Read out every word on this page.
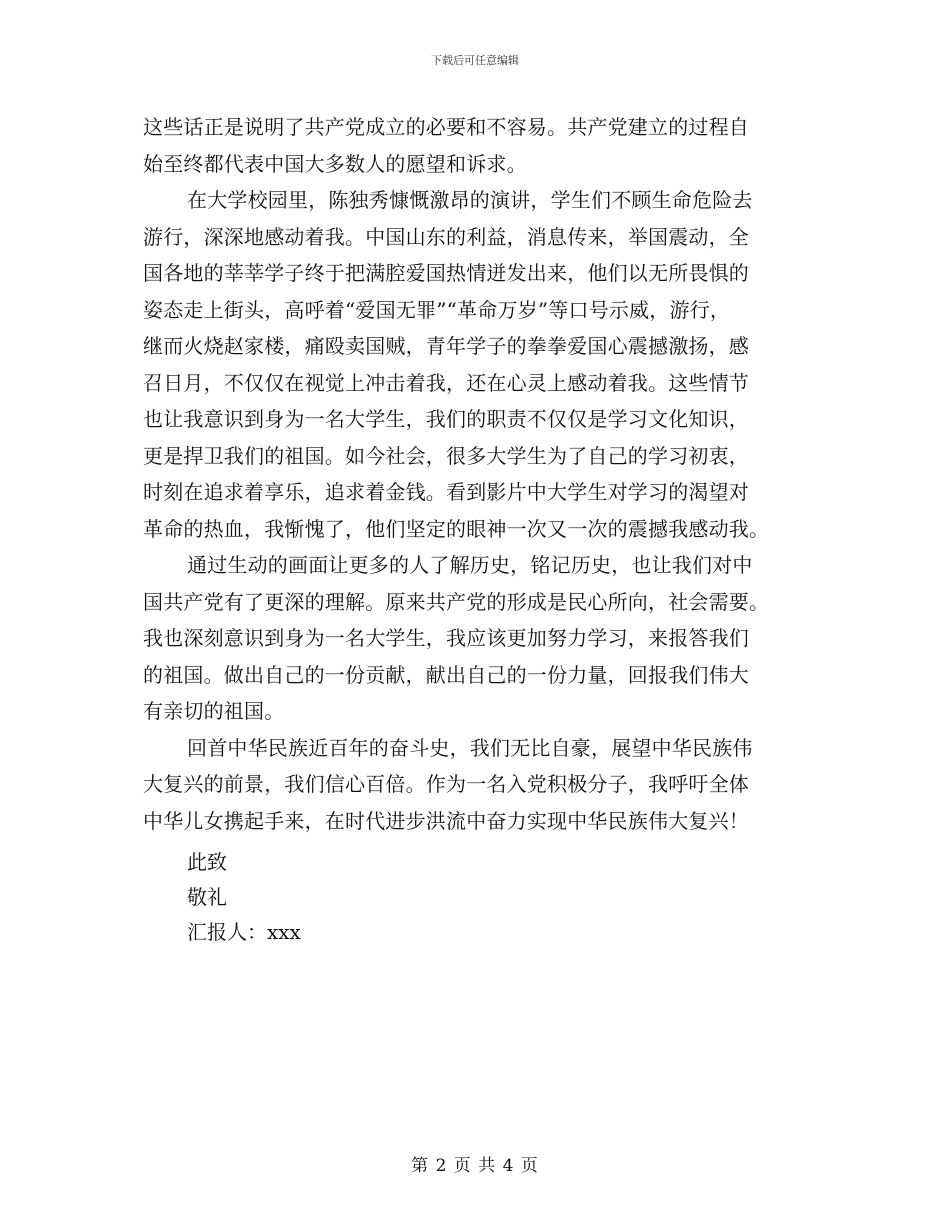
下载后可任意编辑
这些话正是说明了共产党成立的必要和不容易。共产党建立的过程自
始至终都代表中国大多数人的愿望和诉求。
在大学校园里，陈独秀慷慨激昂的演讲，学生们不顾生命危险去
游行，深深地感动着我。中国山东的利益，消息传来，举国震动，全
国各地的莘莘学子终于把满腔爱国热情迸发出来，他们以无所畏惧的
姿态走上街头，高呼着“爱国无罪”“革命万岁”等口号示威，游行，
继而火烧赵家楼，痛殴卖国贼，青年学子的拳拳爱国心震撼激扬，感
召日月，不仅仅在视觉上冲击着我，还在心灵上感动着我。这些情节
也让我意识到身为一名大学生，我们的职责不仅仅是学习文化知识，
更是捍卫我们的祖国。如今社会，很多大学生为了自己的学习初衷，
时刻在追求着享乐，追求着金钱。看到影片中大学生对学习的渴望对
革命的热血，我惭愧了，他们坚定的眼神一次又一次的震撼我感动我。
通过生动的画面让更多的人了解历史，铭记历史，也让我们对中
国共产党有了更深的理解。原来共产党的形成是民心所向，社会需要。
我也深刻意识到身为一名大学生，我应该更加努力学习，来报答我们
的祖国。做出自己的一份贡献，献出自己的一份力量，回报我们伟大
有亲切的祖国。
回首中华民族近百年的奋斗史，我们无比自豪，展望中华民族伟
大复兴的前景，我们信心百倍。作为一名入党积极分子，我呼吁全体
中华儿女携起手来，在时代进步洪流中奋力实现中华民族伟大复兴！
此致
敬礼
汇报人：xxx
第 2 页 共 4 页
